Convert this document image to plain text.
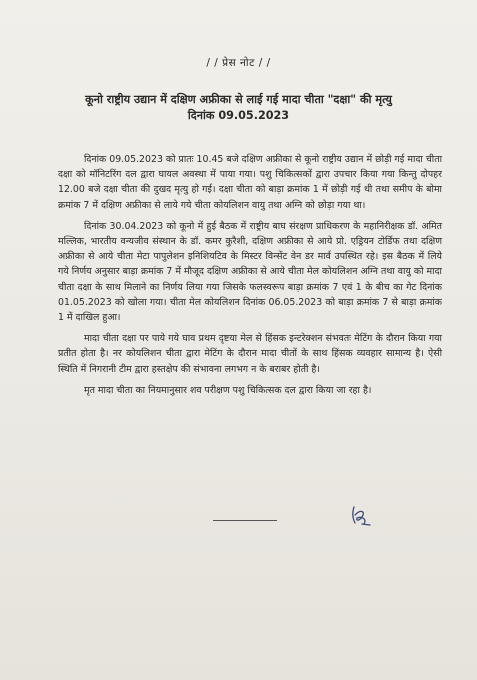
/ / प्रेस नोट / /
कूनो राष्ट्रीय उद्यान में दक्षिण अफ्रीका से लाई गई मादा चीता "दक्षा" की मृत्यु
दिनांक 09.05.2023

दिनांक 09.05.2023 को प्रातः 10.45 बजे दक्षिण अफ्रीका से कूनो राष्ट्रीय उद्यान में छोड़ी गई मादा चीता दक्षा को मॉनिटरिंग दल द्वारा घायल अवस्था में पाया गया। पशु चिकित्सकों द्वारा उपचार किया गया किन्तु दोपहर 12.00 बजे दक्षा चीता की दुखद मृत्यु हो गई। दक्षा चीता को बाड़ा क्रमांक 1 में छोड़ी गई थी तथा समीप के बोमा क्रमांक 7 में दक्षिण अफ्रीका से लाये गये चीता कोयलिशन वायु तथा अग्नि को छोड़ा गया था।

दिनांक 30.04.2023 को कूनो में हुई बैठक में राष्ट्रीय बाघ संरक्षण प्राधिकरण के महानिरीक्षक डॉ. अमित मल्लिक, भारतीय वन्यजीव संस्थान के डॉ. कमर कुरैशी, दक्षिण अफ्रीका से आये प्रो. एड्रियन टोर्डिफ तथा दक्षिण अफ्रीका से आये चीता मेटा पापुलेशन इनिशियटिव के मिस्टर विन्सेंट वेन डर मार्व उपस्थित रहे। इस बैठक में लिये गये निर्णय अनुसार बाड़ा क्रमांक 7 में मौजूद दक्षिण अफ्रीका से आये चीता मेल कोयलिशन अग्नि तथा वायु को मादा चीता दक्षा के साथ मिलाने का निर्णय लिया गया जिसके फलस्वरूप बाड़ा क्रमांक 7 एवं 1 के बीच का गेट दिनांक 01.05.2023 को खोला गया। चीता मेल कोयलिशन दिनांक 06.05.2023 को बाड़ा क्रमांक 7 से बाड़ा क्रमांक 1 में दाखिल हुआ।

मादा चीता दक्षा पर पाये गये घाव प्रथम दृष्टया मेल से हिंसक इन्टरेक्शन संभवतः मेटिंग के दौरान किया गया प्रतीत होता है। नर कोयलिशन चीता द्वारा मेटिंग के दौरान मादा चीतों के साथ हिंसक व्यवहार सामान्य है। ऐसी स्थिति में निगरानी टीम द्वारा हस्तक्षेप की संभावना लगभग न के बराबर होती है।

मृत मादा चीता का नियमानुसार शव परीक्षण पशु चिकित्सक दल द्वारा किया जा रहा है।
